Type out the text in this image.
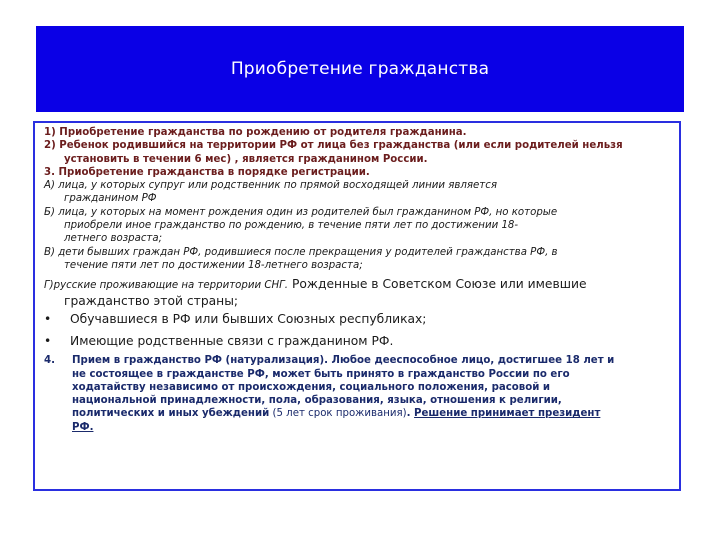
Приобретение гражданства
1) Приобретение гражданства по рождению от родителя гражданина.
2) Ребенок родившийся на территории РФ от лица без гражданства (или если родителей нельзя
установить в течении 6 мес) , является гражданином России.
3. Приобретение гражданства в порядке регистрации.
А) лица, у которых супруг или родственник по прямой восходящей линии является
гражданином РФ
Б) лица, у которых на момент рождения один из родителей был гражданином РФ, но которые
приобрели иное гражданство по рождению, в течение пяти лет по достижении 18-
летнего возраста;
В) дети бывших граждан РФ, родившиеся после прекращения у родителей гражданства РФ, в
течение пяти лет по достижении 18-летнего возраста;
Г)русские проживающие на территории СНГ. Рожденные в Советском Союзе или имевшие
гражданство этой страны;
•	Обучавшиеся в РФ или бывших Союзных республиках;
•	Имеющие родственные связи с гражданином РФ.
4.	Прием в гражданство РФ (натурализация). Любое дееспособное лицо, достигшее 18 лет и
не состоящее в гражданстве РФ, может быть принято в гражданство России по его
ходатайству независимо от происхождения, социального положения, расовой и
национальной принадлежности, пола, образования, языка, отношения к религии,
политических и иных убеждений (5 лет срок проживания). Решение принимает президент
РФ.
